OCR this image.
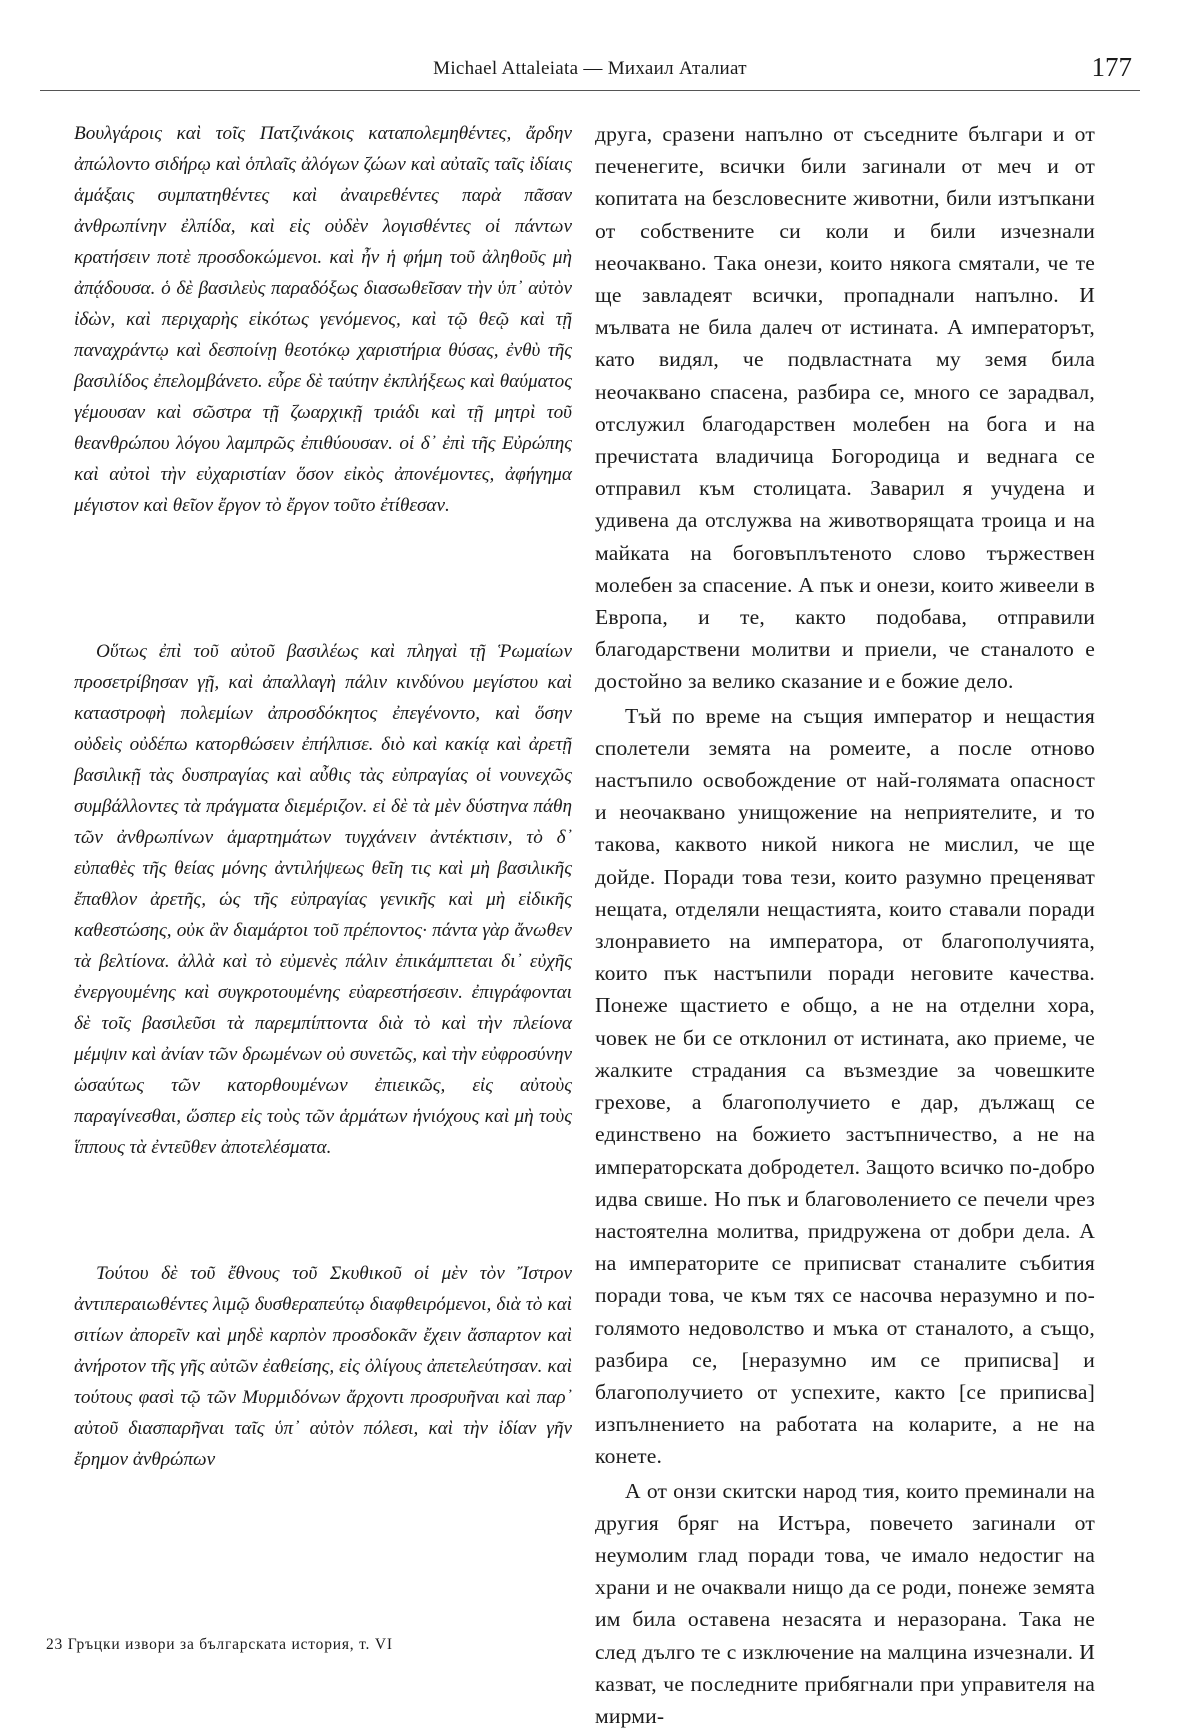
Michael Attaleiata — Михаил Аталиат	177

Βουλγάροις καὶ τοῖς Πατζινάκοις καταπολεμηθέντες, ἄρδην ἀπώλοντο σιδήρῳ καὶ ὁπλαῖς ἀλόγων ζώων καὶ αὐταῖς ταῖς ἰδίαις ἁμάξαις συμπατηθέντες καὶ ἀναιρεθέντες παρὰ πᾶσαν ἀνθρωπίνην ἐλπίδα, καὶ εἰς οὐδὲν λογισθέντες οἱ πάντων κρατήσειν ποτὲ προσδοκώμενοι. καὶ ἦν ἡ φήμη τοῦ ἀληθοῦς μὴ ἀπᾴδουσα. ὁ δὲ βασιλεὺς παραδόξως διασωθεῖσαν τὴν ὑπ᾽ αὐτὸν ἰδὼν, καὶ περιχαρὴς εἰκότως γενόμενος, καὶ τῷ θεῷ καὶ τῇ παναχράντῳ καὶ δεσποίνῃ θεοτόκῳ χαριστήρια θύσας, ἐνθὺ τῆς βασιλίδος ἐπελομβάνετο. εὗρε δὲ ταύτην ἐκπλήξεως καὶ θαύματος γέμουσαν καὶ σῶστρα τῇ ζωαρχικῇ τριάδι καὶ τῇ μητρὶ τοῦ θεανθρώπου λόγου λαμπρῶς ἐπιθύουσαν. οἱ δ᾽ ἐπὶ τῆς Εὐρώπης καὶ αὐτοὶ τὴν εὐχαριστίαν ὅσον εἰκὸς ἀπονέμοντες, ἀφήγημα μέγιστον καὶ θεῖον ἔργον τὸ ἔργον τοῦτο ἐτίθεσαν.

Οὕτως ἐπὶ τοῦ αὐτοῦ βασιλέως καὶ πληγαὶ τῇ Ῥωμαίων προσετρίβησαν γῇ, καὶ ἀπαλλαγὴ πάλιν κινδύνου μεγίστου καὶ καταστροφὴ πολεμίων ἀπροσδόκητος ἐπεγένοντο, καὶ ὅσην οὐδεὶς οὐδέπω κατορθώσειν ἐπήλπισε. διὸ καὶ κακίᾳ καὶ ἀρετῇ βασιλικῇ τὰς δυσπραγίας καὶ αὖθις τὰς εὐπραγίας οἱ νουνεχῶς συμβάλλοντες τὰ πράγματα διεμέριζον. εἰ δὲ τὰ μὲν δύστηνα πάθη τῶν ἀνθρωπίνων ἁμαρτημάτων τυγχάνειν ἀντέκτισιν, τὸ δ᾽ εὐπαθὲς τῆς θείας μόνης ἀντιλήψεως θεῖη τις καὶ μὴ βασιλικῆς ἔπαθλον ἀρετῆς, ὡς τῆς εὐπραγίας γενικῆς καὶ μὴ εἰδικῆς καθεστώσης, οὐκ ἂν διαμάρτοι τοῦ πρέποντος· πάντα γὰρ ἄνωθεν τὰ βελτίονα. ἀλλὰ καὶ τὸ εὐμενὲς πάλιν ἐπικάμπτεται δι᾽ εὐχῆς ἐνεργουμένης καὶ συγκροτουμένης εὐαρεστήσεσιν. ἐπιγράφονται δὲ τοῖς βασιλεῦσι τὰ παρεμπίπτοντα διὰ τὸ καὶ τὴν πλείονα μέμψιν καὶ ἀνίαν τῶν δρωμένων οὐ συνετῶς, καὶ τὴν εὐφροσύνην ὡσαύτως τῶν κατορθουμένων ἐπιεικῶς, εἰς αὐτοὺς παραγίνεσθαι, ὥσπερ εἰς τοὺς τῶν ἁρμάτων ἡνιόχους καὶ μὴ τοὺς ἵππους τὰ ἐντεῦθεν ἀποτελέσματα.

Τούτου δὲ τοῦ ἔθνους τοῦ Σκυθικοῦ οἱ μὲν τὸν Ἴστρον ἀντιπεραιωθέντες λιμῷ δυσθεραπεύτῳ διαφθειρόμενοι, διὰ τὸ καὶ σιτίων ἀπορεῖν καὶ μηδὲ καρπὸν προσδοκᾶν ἔχειν ἄσπαρτον καὶ ἀνήροτον τῆς γῆς αὐτῶν ἐαθείσης, εἰς ὀλίγους ἀπετελεύτησαν. καὶ τούτους φασὶ τῷ τῶν Μυρμιδόνων ἄρχοντι προσρυῆναι καὶ παρ᾽ αὐτοῦ διασπαρῆναι ταῖς ὑπ᾽ αὐτὸν πόλεσι, καὶ τὴν ἰδίαν γῆν ἔρημον ἀνθρώπων

друга, сразени напълно от съседните българи и от печенегите, всички били загинали от меч и от копитата на безсловесните животни, били изтъпкани от собствените си коли и били изчезнали неочаквано. Така онези, които някога смятали, че те ще завладеят всички, пропаднали напълно. И мълвата не била далеч от истината. А императорът, като видял, че подвластната му земя била неочаквано спасена, разбира се, много се зарадвал, отслужил благодарствен молебен на бога и на пречистата владичица Богородица и веднага се отправил към столицата. Заварил я учудена и удивена да отслужва на животворящата троица и на майката на боговъплътеното слово тържествен молебен за спасение. А пък и онези, които живеели в Европа, и те, както подобава, отправили благодарствени молитви и приели, че станалото е достойно за велико сказание и е божие дело.

Тъй по време на същия император и нещастия сполетели земята на ромеите, а после отново настъпило освобождение от най-голямата опасност и неочаквано унищожение на неприятелите, и то такова, каквото никой никога не мислил, че ще дойде. Поради това тези, които разумно преценяват нещата, отделяли нещастията, които ставали поради злонравието на императора, от благополучията, които пък настъпили поради неговите качества. Понеже щастието е общо, а не на отделни хора, човек не би се отклонил от истината, ако приеме, че жалките страдания са възмездие за човешките грехове, а благополучието е дар, дължащ се единствено на божието застъпничество, а не на императорската добродетел. Защото всичко по-добро идва свише. Но пък и благоволението се печели чрез настоятелна молитва, придружена от добри дела. А на императорите се приписват станалите събития поради това, че към тях се насочва неразумно и по-голямото недоволство и мъка от станалото, а също, разбира се, [неразумно им се приписва] и благополучието от успехите, както [се приписва] изпълнението на работата на коларите, а не на конете.

А от онзи скитски народ тия, които преминали на другия бряг на Истъра, повечето загинали от неумолим глад поради това, че имало недостиг на храни и не очаквали нищо да се роди, понеже земята им била оставена незасята и неразорана. Така не след дълго те с изключение на малцина изчезнали. И казват, че последните прибягнали при управителя на мирми-

23 Гръцки извори за българската история, т. VI
